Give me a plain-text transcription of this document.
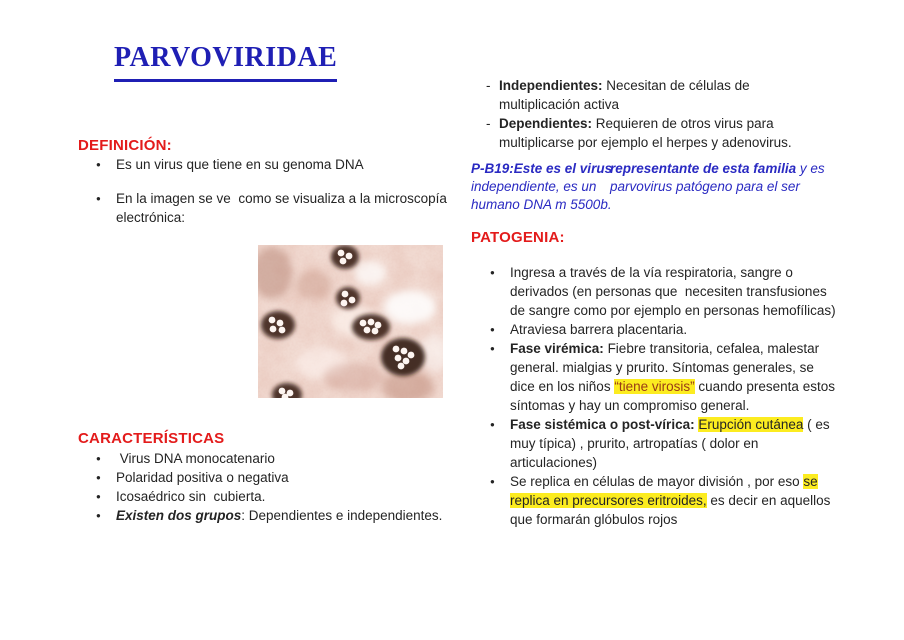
PARVOVIRIDAE
DEFINICIÓN:
●	Es un virus que tiene en su genoma DNA
●	En la imagen se ve  como se visualiza a la microscopía
electrónica:
CARACTERÍSTICAS
●	Virus DNA monocatenario
●	Polaridad positiva o negativa
●	Icosaédrico sin  cubierta.
●	Existen dos grupos: Dependientes e independientes.
- Independientes: Necesitan de células de
multiplicación activa
- Dependientes: Requieren de otros virus para
multiplicarse por ejemplo el herpes y adenovirus.
P-B19:Este es el virus
independiente, es un
humano DNA m 5500b.
representante de esta familia y es
parvovirus patógeno para el ser
PATOGENIA:
●	Ingresa a través de la vía respiratoria, sangre o
derivados (en personas que  necesiten transfusiones
de sangre como por ejemplo en personas hemofílicas)
●	Atraviesa barrera placentaria.
●	Fase virémica: Fiebre transitoria, cefalea, malestar
general. mialgias y prurito. Síntomas generales, se
dice en los niños “tiene virosis” cuando presenta estos
síntomas y hay un compromiso general.
●	Fase sistémica o post-vírica: Erupción cutánea ( es
muy típica) , prurito, artropatías ( dolor en
articulaciones)
●	Se replica en células de mayor división , por eso se
replica en precursores eritroides, es decir en aquellos
que formarán glóbulos rojos
